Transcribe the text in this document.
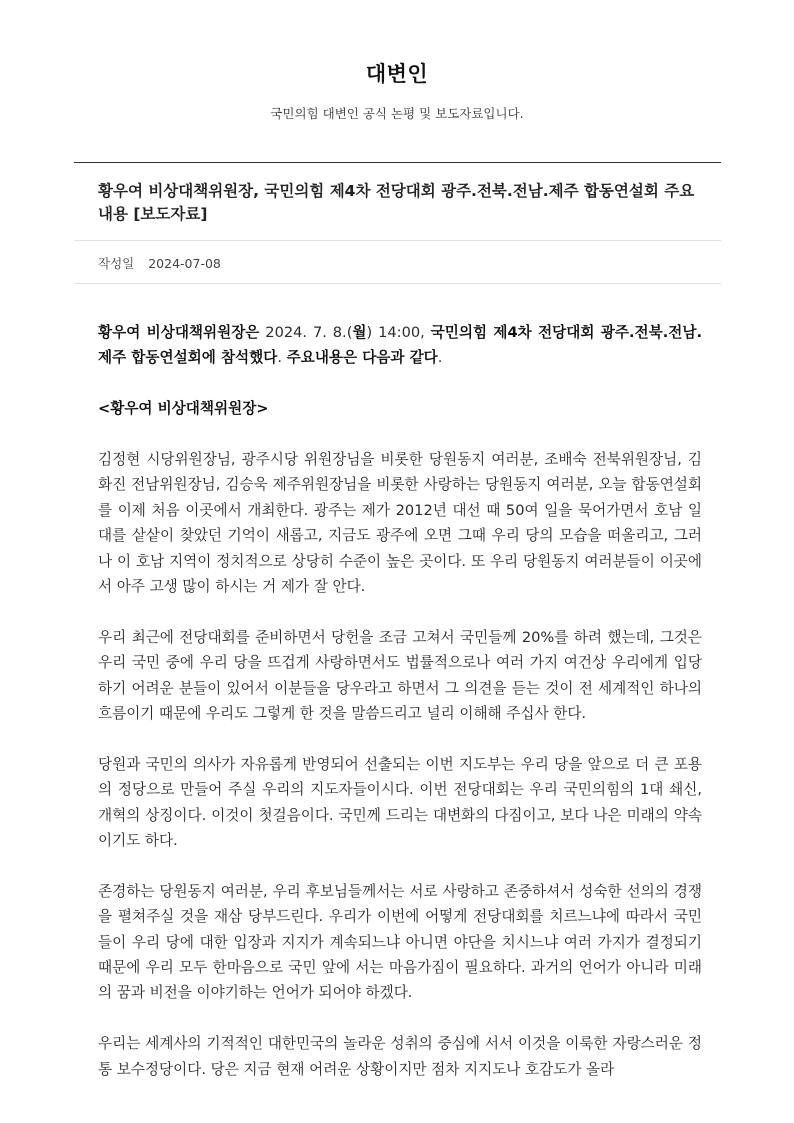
대변인
국민의힘 대변인 공식 논평 및 보도자료입니다.
황우여 비상대책위원장, 국민의힘 제4차 전당대회 광주.전북.전남.제주 합동연설회 주요내용 [보도자료]
작성일 2024-07-08

황우여 비상대책위원장은 2024. 7. 8.(월) 14:00, 국민의힘 제4차 전당대회 광주.전북.전남.제주 합동연설회에 참석했다. 주요내용은 다음과 같다.

<황우여 비상대책위원장>

김정현 시당위원장님, 광주시당 위원장님을 비롯한 당원동지 여러분, 조배숙 전북위원장님, 김화진 전남위원장님, 김승욱 제주위원장님을 비롯한 사랑하는 당원동지 여러분, 오늘 합동연설회를 이제 처음 이곳에서 개최한다. 광주는 제가 2012년 대선 때 50여 일을 묵어가면서 호남 일대를 샅샅이 찾았던 기억이 새롭고, 지금도 광주에 오면 그때 우리 당의 모습을 떠올리고, 그러나 이 호남 지역이 정치적으로 상당히 수준이 높은 곳이다. 또 우리 당원동지 여러분들이 이곳에서 아주 고생 많이 하시는 거 제가 잘 안다.

우리 최근에 전당대회를 준비하면서 당헌을 조금 고쳐서 국민들께 20%를 하려 했는데, 그것은 우리 국민 중에 우리 당을 뜨겁게 사랑하면서도 법률적으로나 여러 가지 여건상 우리에게 입당하기 어려운 분들이 있어서 이분들을 당우라고 하면서 그 의견을 듣는 것이 전 세계적인 하나의 흐름이기 때문에 우리도 그렇게 한 것을 말씀드리고 널리 이해해 주십사 한다.

당원과 국민의 의사가 자유롭게 반영되어 선출되는 이번 지도부는 우리 당을 앞으로 더 큰 포용의 정당으로 만들어 주실 우리의 지도자들이시다. 이번 전당대회는 우리 국민의힘의 1대 쇄신, 개혁의 상징이다. 이것이 첫걸음이다. 국민께 드리는 대변화의 다짐이고, 보다 나은 미래의 약속이기도 하다.

존경하는 당원동지 여러분, 우리 후보님들께서는 서로 사랑하고 존중하셔서 성숙한 선의의 경쟁을 펼쳐주실 것을 재삼 당부드린다. 우리가 이번에 어떻게 전당대회를 치르느냐에 따라서 국민들이 우리 당에 대한 입장과 지지가 계속되느냐 아니면 야단을 치시느냐 여러 가지가 결정되기 때문에 우리 모두 한마음으로 국민 앞에 서는 마음가짐이 필요하다. 과거의 언어가 아니라 미래의 꿈과 비전을 이야기하는 언어가 되어야 하겠다.

우리는 세계사의 기적적인 대한민국의 놀라운 성취의 중심에 서서 이것을 이룩한 자랑스러운 정통 보수정당이다. 당은 지금 현재 어려운 상황이지만 점차 지지도나 호감도가 올라
